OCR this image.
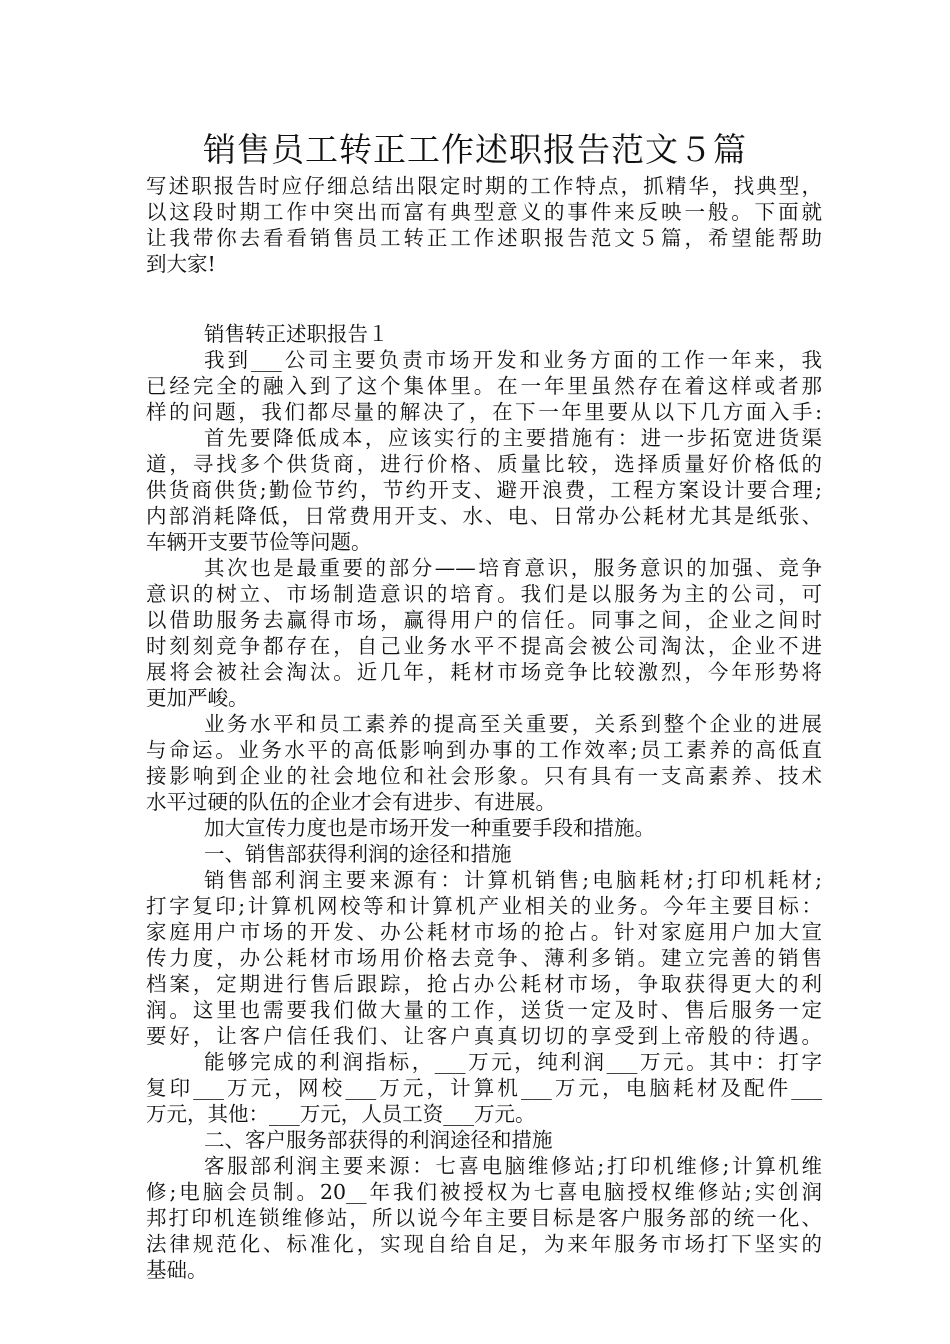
销售员工转正工作述职报告范文５篇
写述职报告时应仔细总结出限定时期的工作特点，抓精华，找典型，
以这段时期工作中突出而富有典型意义的事件来反映一般。下面就
让我带你去看看销售员工转正工作述职报告范文５篇，希望能帮助
到大家!
销售转正述职报告１
我到___公司主要负责市场开发和业务方面的工作一年来，我
已经完全的融入到了这个集体里。在一年里虽然存在着这样或者那
样的问题，我们都尽量的解决了，在下一年里要从以下几方面入手:
首先要降低成本，应该实行的主要措施有：进一步拓宽进货渠
道，寻找多个供货商，进行价格、质量比较，选择质量好价格低的
供货商供货;勤俭节约，节约开支、避开浪费，工程方案设计要合理;
内部消耗降低，日常费用开支、水、电、日常办公耗材尤其是纸张、
车辆开支要节俭等问题。
其次也是最重要的部分——培育意识，服务意识的加强、竞争
意识的树立、市场制造意识的培育。我们是以服务为主的公司，可
以借助服务去赢得市场，赢得用户的信任。同事之间，企业之间时
时刻刻竞争都存在，自己业务水平不提高会被公司淘汰，企业不进
展将会被社会淘汰。近几年，耗材市场竞争比较激烈，今年形势将
更加严峻。
业务水平和员工素养的提高至关重要，关系到整个企业的进展
与命运。业务水平的高低影响到办事的工作效率;员工素养的高低直
接影响到企业的社会地位和社会形象。只有具有一支高素养、技术
水平过硬的队伍的企业才会有进步、有进展。
加大宣传力度也是市场开发一种重要手段和措施。
一、销售部获得利润的途径和措施
销售部利润主要来源有：计算机销售;电脑耗材;打印机耗材;
打字复印;计算机网校等和计算机产业相关的业务。今年主要目标：
家庭用户市场的开发、办公耗材市场的抢占。针对家庭用户加大宣
传力度，办公耗材市场用价格去竞争、薄利多销。建立完善的销售
档案，定期进行售后跟踪，抢占办公耗材市场，争取获得更大的利
润。这里也需要我们做大量的工作，送货一定及时、售后服务一定
要好，让客户信任我们、让客户真真切切的享受到上帝般的待遇。
能够完成的利润指标，___万元，纯利润___万元。其中：打字
复印___万元，网校___万元，计算机___万元，电脑耗材及配件___
万元，其他：___万元，人员工资___万元。
二、客户服务部获得的利润途径和措施
客服部利润主要来源：七喜电脑维修站;打印机维修;计算机维
修;电脑会员制。20__年我们被授权为七喜电脑授权维修站;实创润
邦打印机连锁维修站，所以说今年主要目标是客户服务部的统一化、
法律规范化、标准化，实现自给自足，为来年服务市场打下坚实的
基础。
